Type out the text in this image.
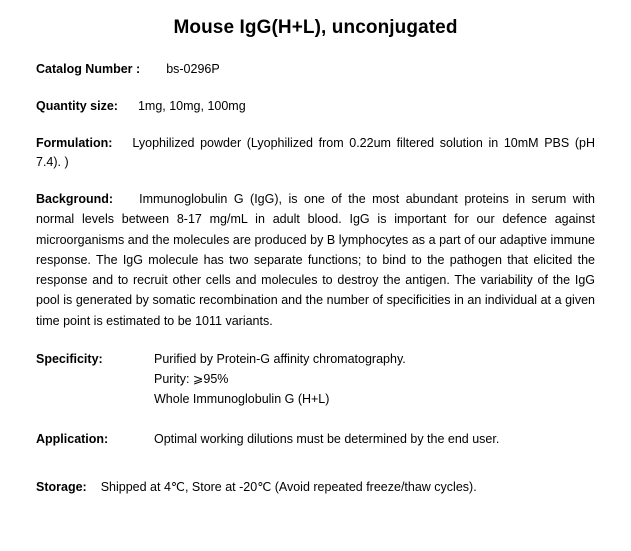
Mouse IgG(H+L), unconjugated
Catalog Number : bs-0296P
Quantity size: 1mg, 10mg, 100mg
Formulation: Lyophilized powder (Lyophilized from 0.22um filtered solution in 10mM PBS (pH 7.4). )
Background: Immunoglobulin G (IgG), is one of the most abundant proteins in serum with normal levels between 8-17 mg/mL in adult blood. IgG is important for our defence against microorganisms and the molecules are produced by B lymphocytes as a part of our adaptive immune response. The IgG molecule has two separate functions; to bind to the pathogen that elicited the response and to recruit other cells and molecules to destroy the antigen. The variability of the IgG pool is generated by somatic recombination and the number of specificities in an individual at a given time point is estimated to be 1011 variants.
Specificity:	Purified by Protein-G affinity chromatography.
Purity: ⩾95%
Whole Immunoglobulin G (H+L)
Application:	Optimal working dilutions must be determined by the end user.
Storage: Shipped at 4℃, Store at -20℃ (Avoid repeated freeze/thaw cycles).
